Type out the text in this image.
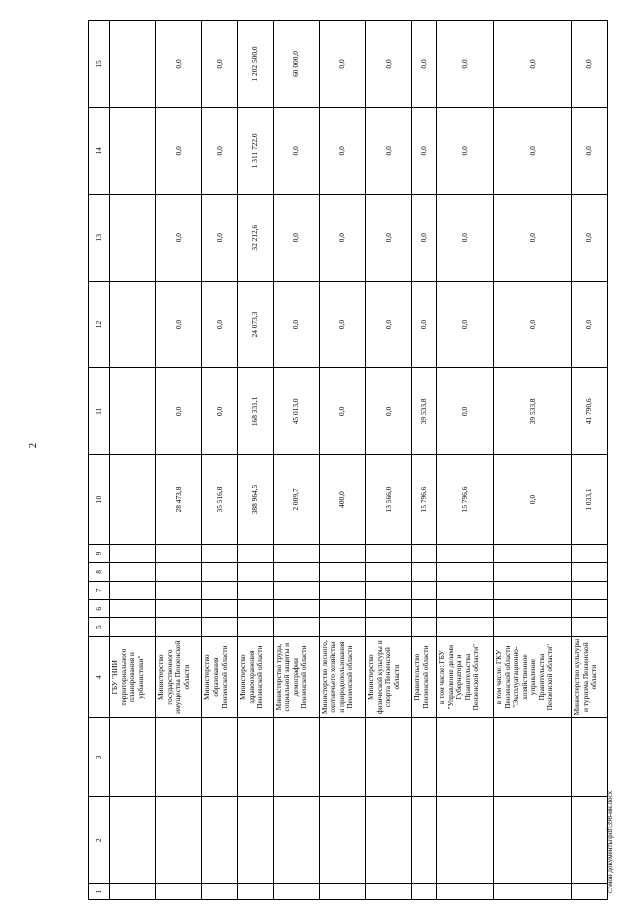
2
1	2	3	4	5	6	7	8	9	10	11	12	13	14	15
			ГБУ "НИИ территориального планирования и урбанистики"											
			Министерство государственного имущества Пензенской области						28 473,8	0,0	0,0	0,0	0,0	0,0
			Министерство образования Пензенской области						35 516,8	0,0	0,0	0,0	0,0	0,0
			Министерство здравоохранения Пензенской области						388 964,5	168 331,1	24 073,3	32 212,6	1 311 722,0	1 202 500,0
			Министерство труда, социальной защиты и демографии Пензенской области						2 009,7	45 013,0	0,0	0,0	0,0	60 000,0
			Министерство лесного, охотничьего хозяйства и природопользования Пензенской области						400,0	0,0	0,0	0,0	0,0	0,0
			Министерство физической культуры и спорта Пензенской области						13 566,0	0,0	0,0	0,0	0,0	0,0
			Правительство Пензенской области						15 796,6	39 533,8	0,0	0,0	0,0	0,0
			в том числе: ГБУ "Управление делами Губернатора и Правительства Пензенской области"						15 796,6	0,0	0,0	0,0	0,0	0,0
			в том числе: ГКУ Пензенской области "Эксплуатационно-хозяйственное управление Правительства Пензенской области"						0,0	39 533,8	0,0	0,0	0,0	0,0
			Министерство культуры и туризма Пензенской области						1 033,1	41 790,6	0,0	0,0	0,0	0,0
c:\мои документы\pdf\398-ин.docx
